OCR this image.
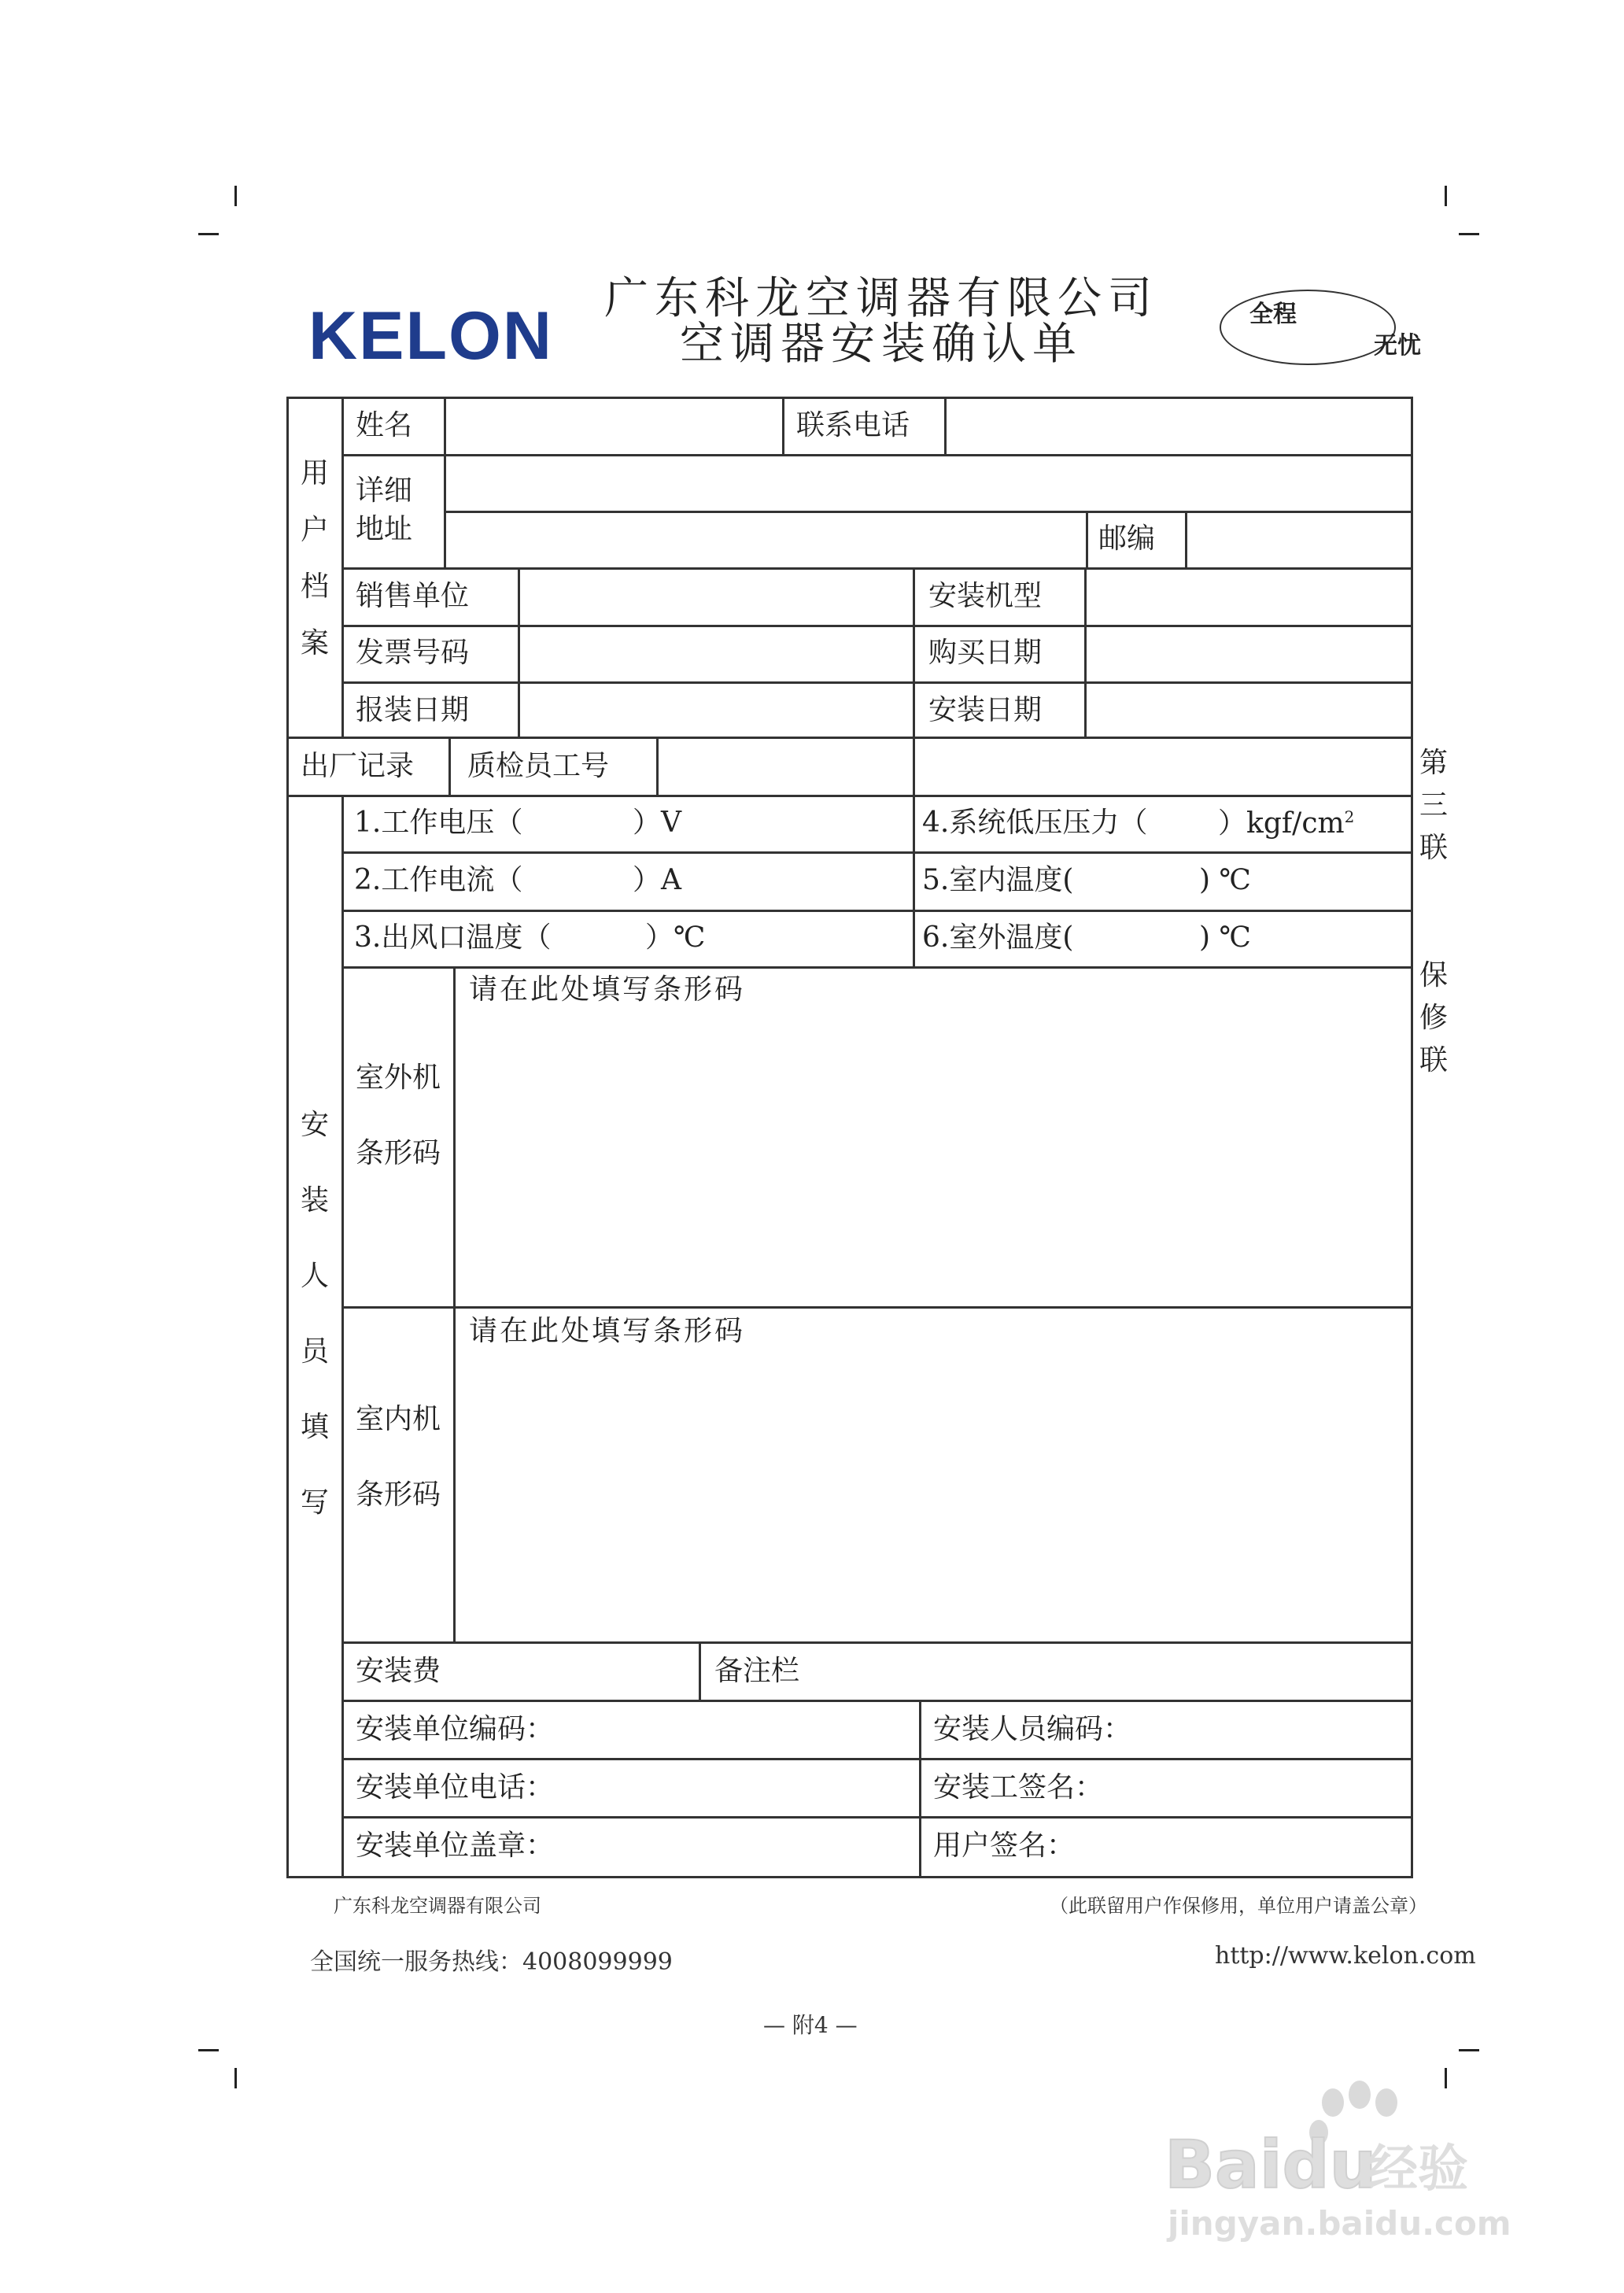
KELON 广东科龙空调器有限公司
空调器安装确认单
全程
无忧
用
户
档
案
姓名	联系电话
详细
地址	邮编
销售单位	安装机型
发票号码	购买日期
报装日期	安装日期
出厂记录 质检员工号
安
装
人
员
填
写
1.工作电压（	）V
2.工作电流（	）A
3.出风口温度（	）℃
4.系统低压压力（ ）$kgf/cm^2$
5.室内温度(	) ℃
6.室外温度(	) ℃
室外机
条形码
请在此处填写条形码
室内机
条形码
请在此处填写条形码
安装费	备注栏
安装单位编码：	安装人员编码：
安装单位电话：	安装工签名：
安装单位盖章：	用户签名：
第
三
联
保
修
联
广东科龙空调器有限公司	（此联留用户作保修用，单位用户请盖公章）
全国统一服务热线：4008099999	http://www.kelon.com
— 附4 —
Baidu
经验
jingyan.baidu.com
